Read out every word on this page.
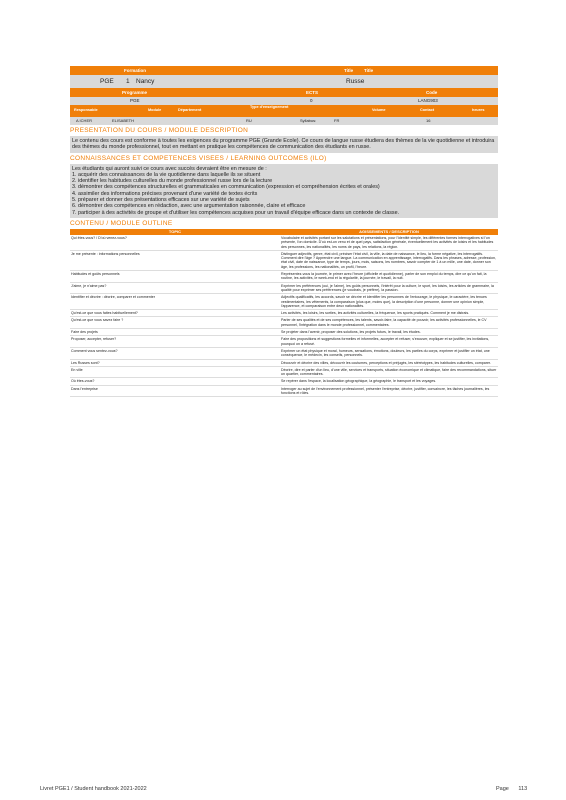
Formation	Title Title
PGE 1 Nancy	Russe
Programme	ECTS	Code
PGE	0	LANG903
Responsable	Module	Département
Type d'enseignement
Volume	Contact	heures
A ICHER	ELISABETH	RU	Syllabus:	FR	16
PRESENTATION DU COURS / MODULE DESCRIPTION

Le contenu des cours est conforme à toutes les exigences du programme PGE (Grande Ecole). Ce cours de langue russe étudiera des thèmes de la vie quotidienne et introduira des thèmes du monde professionnel, tout en mettant en pratique les compétences de communication des étudiants en russe.

CONNAISSANCES ET COMPETENCES VISEES / LEARNING OUTCOMES (ILO)

Les étudiants qui auront suivi ce cours avec succès devraient être en mesure de :

1. acquérir des connaissances de la vie quotidienne dans laquelle ils se situent

2. identifier les habitudes culturelles du monde professionnel russe lors de la lecture

3. démontrer des compétences structurelles et grammaticales en communication (expression et compréhension écrites et orales)

4. assimiler des informations précises provenant d'une variété de textes écrits

5. préparer et donner des présentations efficaces sur une variété de sujets

6. démontrer des compétences en rédaction, avec une argumentation raisonnée, claire et efficace

7. participer à des activités de groupe et d'utiliser les compétences acquises pour un travail d'équipe efficace dans un contexte de classe.

CONTENU / MODULE OUTLINE
TOPIC	AGISSEMENTS / DESCRIPTION
Qui êtes-vous? / D'où venez-vous?	Vocabulaire et activités portant sur les salutations et présentations, pour l'identité simple, les différentes formes interrogatives si l'on présente, l'on domicile. D'où est-on venu et de quel pays, satisfaction générale, éventuellement les activités de loisirs et les habitudes des personnes, les nationalités, les noms de pays, les relations, la région.
Je me présente : informations personnelles	Distinguer adjectifs, genre, état civil, préciser l'état civil, la ville, la date de naissance, le lieu, la forme négative, les interrogatifs. Comment dire l'âge ? Apprendre une langue. La communication en apprentissage, interrogatifs. Dans les phrases, adresse, profession, état civil, date de naissance, type de temps, jours, mois, saisons, les nombres, savoir compter de 1 à un mille, une date, donner son âge, les professions, les nationalités, un profil, l'heure.
Habitudes et goûts personnels	Représentez-vous la journée, le primer avec l'heure (officielle et quotidienne), parler de son emploi du temps, dire ce qu'on fait, la routine, les activités, le week-end et la régularité, la journée, le travail, la nuit.
J'aime, je n'aime pas?	Exprimer les préférences (oui, je l'aime), les goûts personnels, l'intérêt pour la culture, le sport, les loisirs, les articles de grammaire, la qualité pour exprimer ses préférences (je voudrais, je préfère), la passion.
Identifier et décrire : décrire, comparer et commenter	Adjectifs qualificatifs, les accords, savoir se décrire et identifier les personnes de l'entourage, le physique, le caractère, les tenues vestimentaires, les vêtements, la comparaison (plus que, moins que), la description d'une personne, donner une opinion simple, l'apparence, et comparaison entre deux nationalités.
Qu'est-ce que vous faites habituellement?	Les activités, les loisirs, les sorties, les activités culturelles, la fréquence, les sports pratiqués. Comment je me distrais.
Qu'est-ce que vous savez faire ?	Parler de ses qualités et de ses compétences, les talents, savoir-faire, la capacité de pouvoir, les activités professionnelles, le CV personnel, l'intégration dans le monde professionnel, commentaires.
Faire des projets	Se projeter dans l'avenir, proposer des solutions, les projets futurs, le travail, les études.
Proposer, accepter, refuser?	Faire des propositions et suggestions formelles et informelles, accepter et refuser, s'excuser, expliquer et se justifier, les invitations, pourquoi on a refusé.
Comment vous sentez-vous?	Exprimer un état physique et moral, humeurs, sensations, émotions, douleurs, les parties du corps, exprimer et justifier un état, une conséquence, le médecin, les conseils, personnels.
Les Russes sont?	Découvrir et décrire des villes, découvrir les coutumes, perceptions et préjugés, les stéréotypes, les habitudes culturelles, comparer.
En ville	Décrire, dire et parler d'un lieu, d'une ville, services et transports, situation économique et climatique, faire des recommandations, situer un quartier, commentaires.
Où êtes-vous?	Se repérer dans l'espace, la localisation géographique, la géographie, le transport et les voyages.
Dans l'entreprise	Interroger au sujet de l'environnement professionnel, présenter l'entreprise, décrire, justifier, convaincre, les tâches journalières, les fonctions et rôles.
Livret PGE1 / Student handbook 2021-2022	Page 113
